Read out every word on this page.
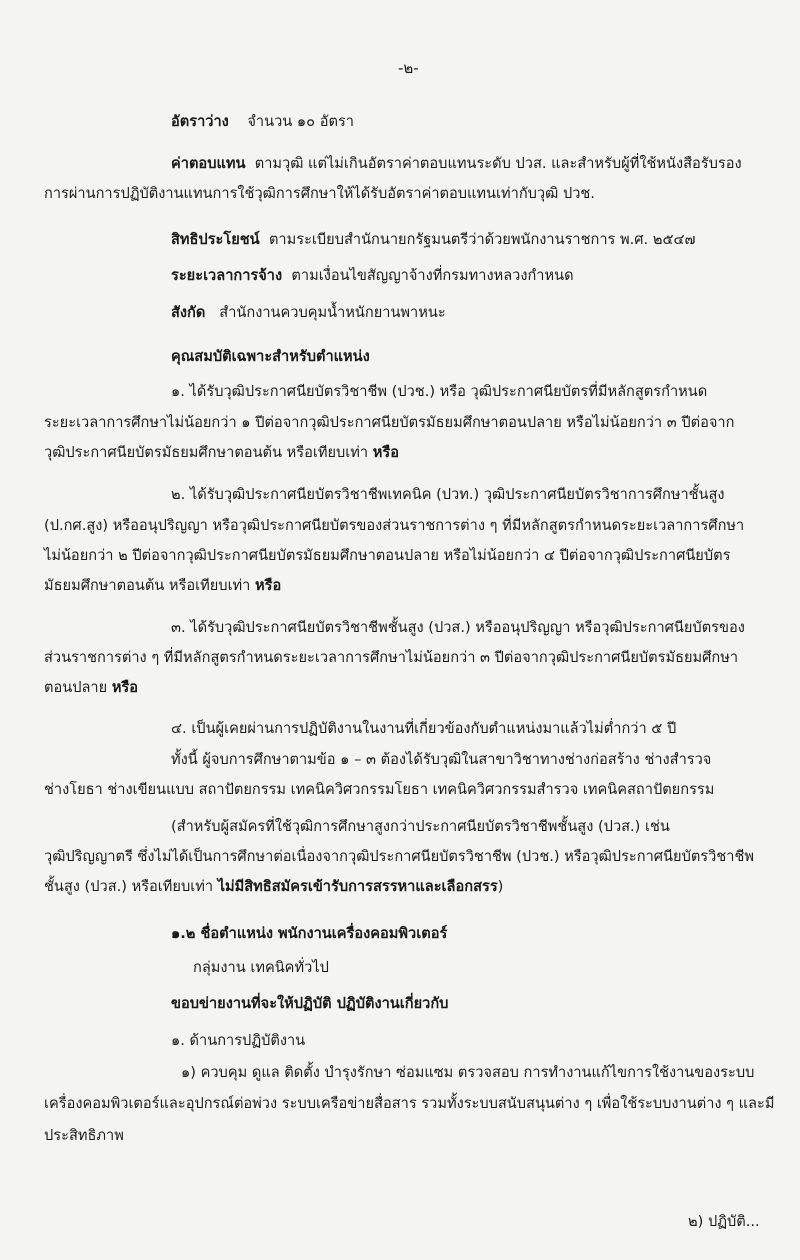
-๒-

อัตราว่าง จำนวน ๑๐ อัตรา

ค่าตอบแทน ตามวุฒิ แต่ไม่เกินอัตราค่าตอบแทนระดับ ปวส. และสำหรับผู้ที่ใช้หนังสือรับรอง

การผ่านการปฏิบัติงานแทนการใช้วุฒิการศึกษาให้ได้รับอัตราค่าตอบแทนเท่ากับวุฒิ ปวช.

สิทธิประโยชน์ ตามระเบียบสำนักนายกรัฐมนตรีว่าด้วยพนักงานราชการ พ.ศ. ๒๕๔๗

ระยะเวลาการจ้าง ตามเงื่อนไขสัญญาจ้างที่กรมทางหลวงกำหนด

สังกัด สำนักงานควบคุมน้ำหนักยานพาหนะ

คุณสมบัติเฉพาะสำหรับตำแหน่ง

๑. ได้รับวุฒิประกาศนียบัตรวิชาชีพ (ปวช.) หรือ วุฒิประกาศนียบัตรที่มีหลักสูตรกำหนด

ระยะเวลาการศึกษาไม่น้อยกว่า ๑ ปีต่อจากวุฒิประกาศนียบัตรมัธยมศึกษาตอนปลาย หรือไม่น้อยกว่า ๓ ปีต่อจาก

วุฒิประกาศนียบัตรมัธยมศึกษาตอนต้น หรือเทียบเท่า หรือ

๒. ได้รับวุฒิประกาศนียบัตรวิชาชีพเทคนิค (ปวท.) วุฒิประกาศนียบัตรวิชาการศึกษาชั้นสูง

(ป.กศ.สูง) หรืออนุปริญญา หรือวุฒิประกาศนียบัตรของส่วนราชการต่าง ๆ ที่มีหลักสูตรกำหนดระยะเวลาการศึกษา

ไม่น้อยกว่า ๒ ปีต่อจากวุฒิประกาศนียบัตรมัธยมศึกษาตอนปลาย หรือไม่น้อยกว่า ๔ ปีต่อจากวุฒิประกาศนียบัตร

มัธยมศึกษาตอนต้น หรือเทียบเท่า หรือ

๓. ได้รับวุฒิประกาศนียบัตรวิชาชีพชั้นสูง (ปวส.) หรืออนุปริญญา หรือวุฒิประกาศนียบัตรของ

ส่วนราชการต่าง ๆ ที่มีหลักสูตรกำหนดระยะเวลาการศึกษาไม่น้อยกว่า ๓ ปีต่อจากวุฒิประกาศนียบัตรมัธยมศึกษา

ตอนปลาย หรือ

๔. เป็นผู้เคยผ่านการปฏิบัติงานในงานที่เกี่ยวข้องกับตำแหน่งมาแล้วไม่ต่ำกว่า ๕ ปี

ทั้งนี้ ผู้จบการศึกษาตามข้อ ๑ – ๓ ต้องได้รับวุฒิในสาขาวิชาทางช่างก่อสร้าง ช่างสำรวจ

ช่างโยธา ช่างเขียนแบบ สถาปัตยกรรม เทคนิควิศวกรรมโยธา เทคนิควิศวกรรมสำรวจ เทคนิคสถาปัตยกรรม

(สำหรับผู้สมัครที่ใช้วุฒิการศึกษาสูงกว่าประกาศนียบัตรวิชาชีพชั้นสูง (ปวส.) เช่น

วุฒิปริญญาตรี ซึ่งไม่ได้เป็นการศึกษาต่อเนื่องจากวุฒิประกาศนียบัตรวิชาชีพ (ปวช.) หรือวุฒิประกาศนียบัตรวิชาชีพ

ชั้นสูง (ปวส.) หรือเทียบเท่า ไม่มีสิทธิสมัครเข้ารับการสรรหาและเลือกสรร)

๑.๒ ชื่อตำแหน่ง พนักงานเครื่องคอมพิวเตอร์

กลุ่มงาน เทคนิคทั่วไป

ขอบข่ายงานที่จะให้ปฏิบัติ ปฏิบัติงานเกี่ยวกับ

๑. ด้านการปฏิบัติงาน

๑) ควบคุม ดูแล ติดตั้ง บำรุงรักษา ซ่อมแซม ตรวจสอบ การทำงานแก้ไขการใช้งานของระบบ

เครื่องคอมพิวเตอร์และอุปกรณ์ต่อพ่วง ระบบเครือข่ายสื่อสาร รวมทั้งระบบสนับสนุนต่าง ๆ เพื่อใช้ระบบงานต่าง ๆ และมี

ประสิทธิภาพ

๒) ปฏิบัติ...
